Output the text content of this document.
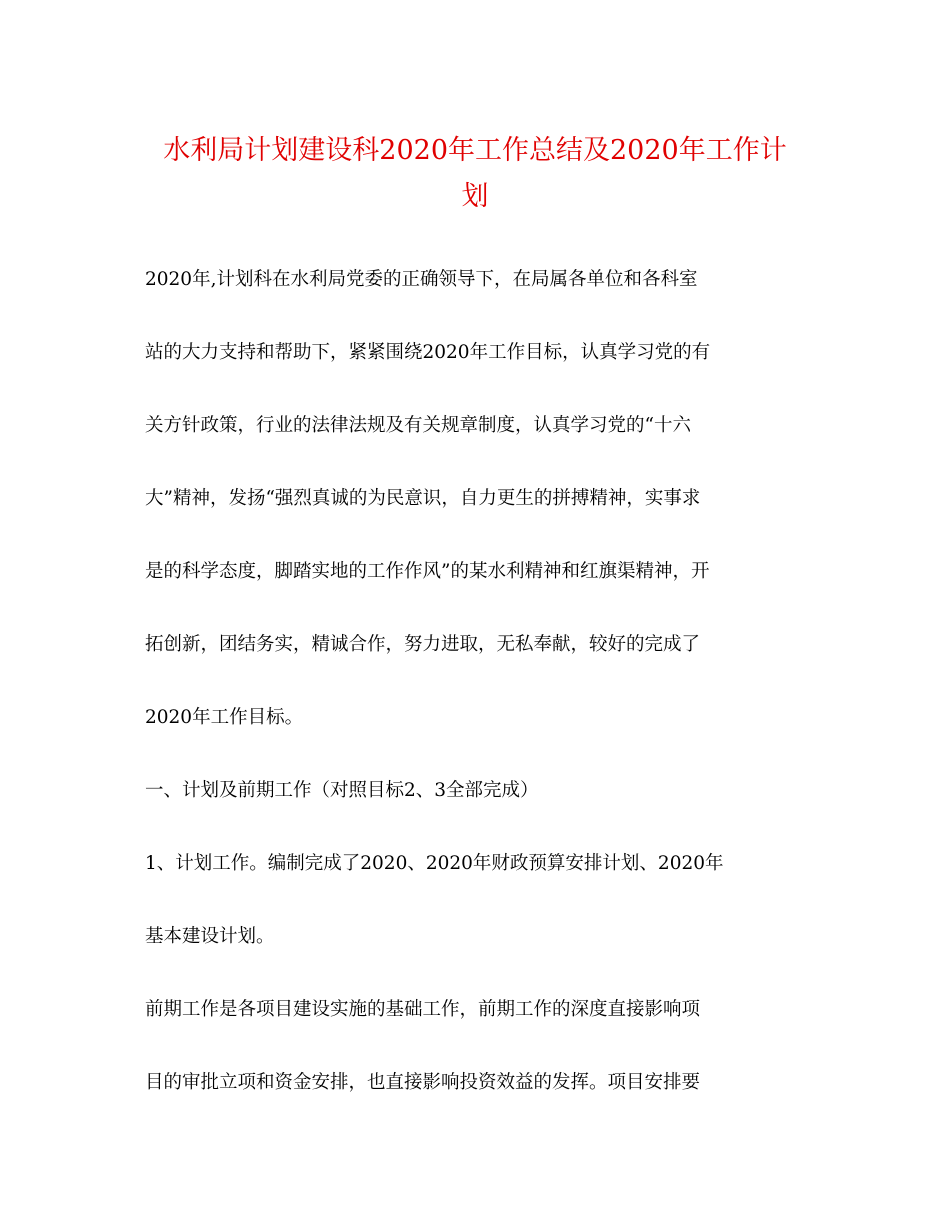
水利局计划建设科2020年工作总结及2020年工作计
划
2020年,计划科在水利局党委的正确领导下，在局属各单位和各科室
站的大力支持和帮助下，紧紧围绕2020年工作目标，认真学习党的有
关方针政策，行业的法律法规及有关规章制度，认真学习党的“十六
大”精神，发扬“强烈真诚的为民意识，自力更生的拼搏精神，实事求
是的科学态度，脚踏实地的工作作风”的某水利精神和红旗渠精神，开
拓创新，团结务实，精诚合作，努力进取，无私奉献，较好的完成了
2020年工作目标。
一、计划及前期工作（对照目标2、3全部完成）
1、计划工作。编制完成了2020、2020年财政预算安排计划、2020年
基本建设计划。
前期工作是各项目建设实施的基础工作，前期工作的深度直接影响项
目的审批立项和资金安排，也直接影响投资效益的发挥。项目安排要
